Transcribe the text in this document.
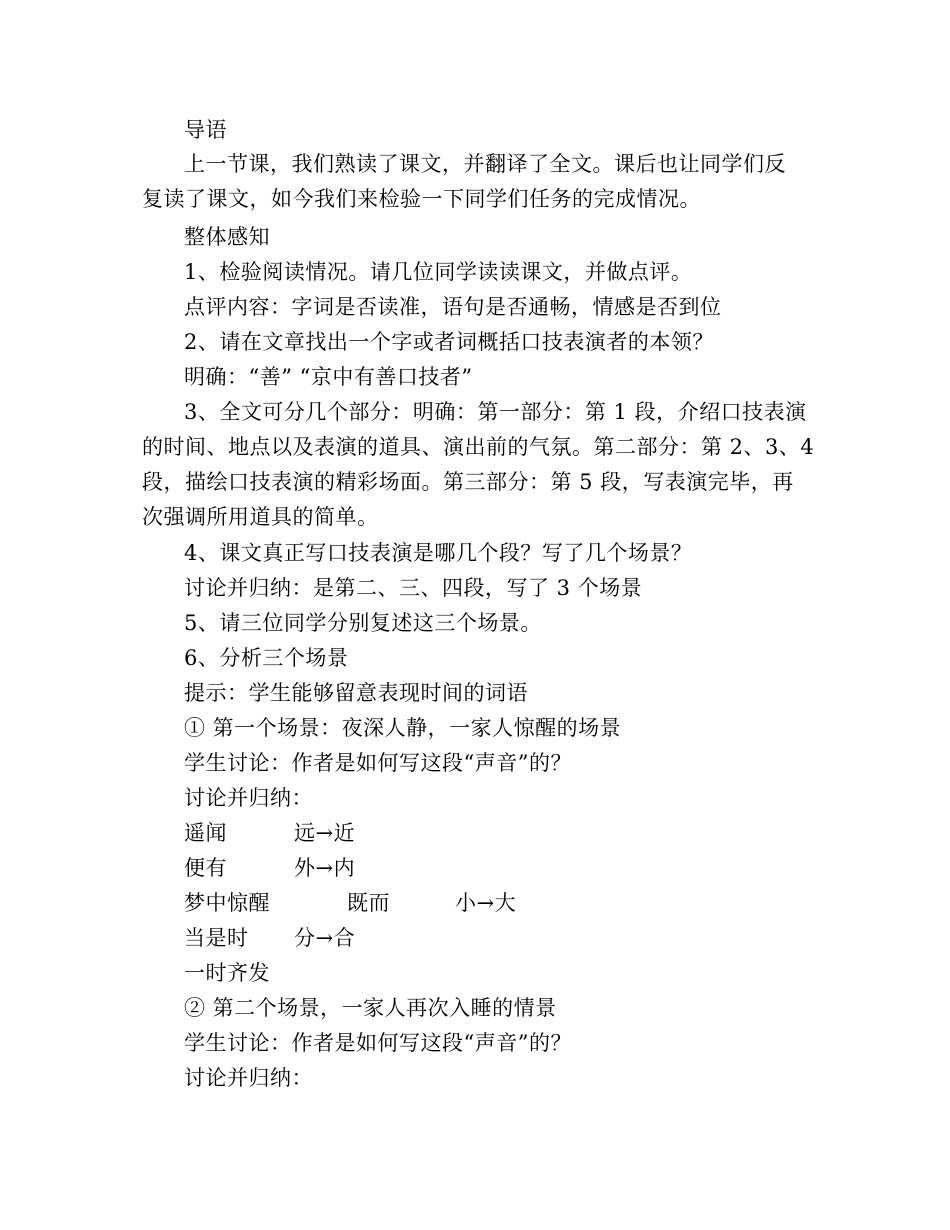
导语
上一节课，我们熟读了课文，并翻译了全文。课后也让同学们反
复读了课文，如今我们来检验一下同学们任务的完成情况。
整体感知
1、检验阅读情况。请几位同学读读课文，并做点评。
点评内容：字词是否读准，语句是否通畅，情感是否到位
2、请在文章找出一个字或者词概括口技表演者的本领？
明确：“善” “京中有善口技者”
3、全文可分几个部分：明确：第一部分：第 1 段，介绍口技表演
的时间、地点以及表演的道具、演出前的气氛。第二部分：第 2、3、4
段，描绘口技表演的精彩场面。第三部分：第 5 段，写表演完毕，再
次强调所用道具的简单。
4、课文真正写口技表演是哪几个段？写了几个场景？
讨论并归纳：是第二、三、四段，写了 3 个场景
5、请三位同学分别复述这三个场景。
6、分析三个场景
提示：学生能够留意表现时间的词语
① 第一个场景：夜深人静，一家人惊醒的场景
学生讨论：作者是如何写这段“声音”的？
讨论并归纳：
遥闻	远→近
便有	外→内
梦中惊醒	既而	小→大
当是时 分→合
一时齐发
② 第二个场景，一家人再次入睡的情景
学生讨论：作者是如何写这段“声音”的？
讨论并归纳：
